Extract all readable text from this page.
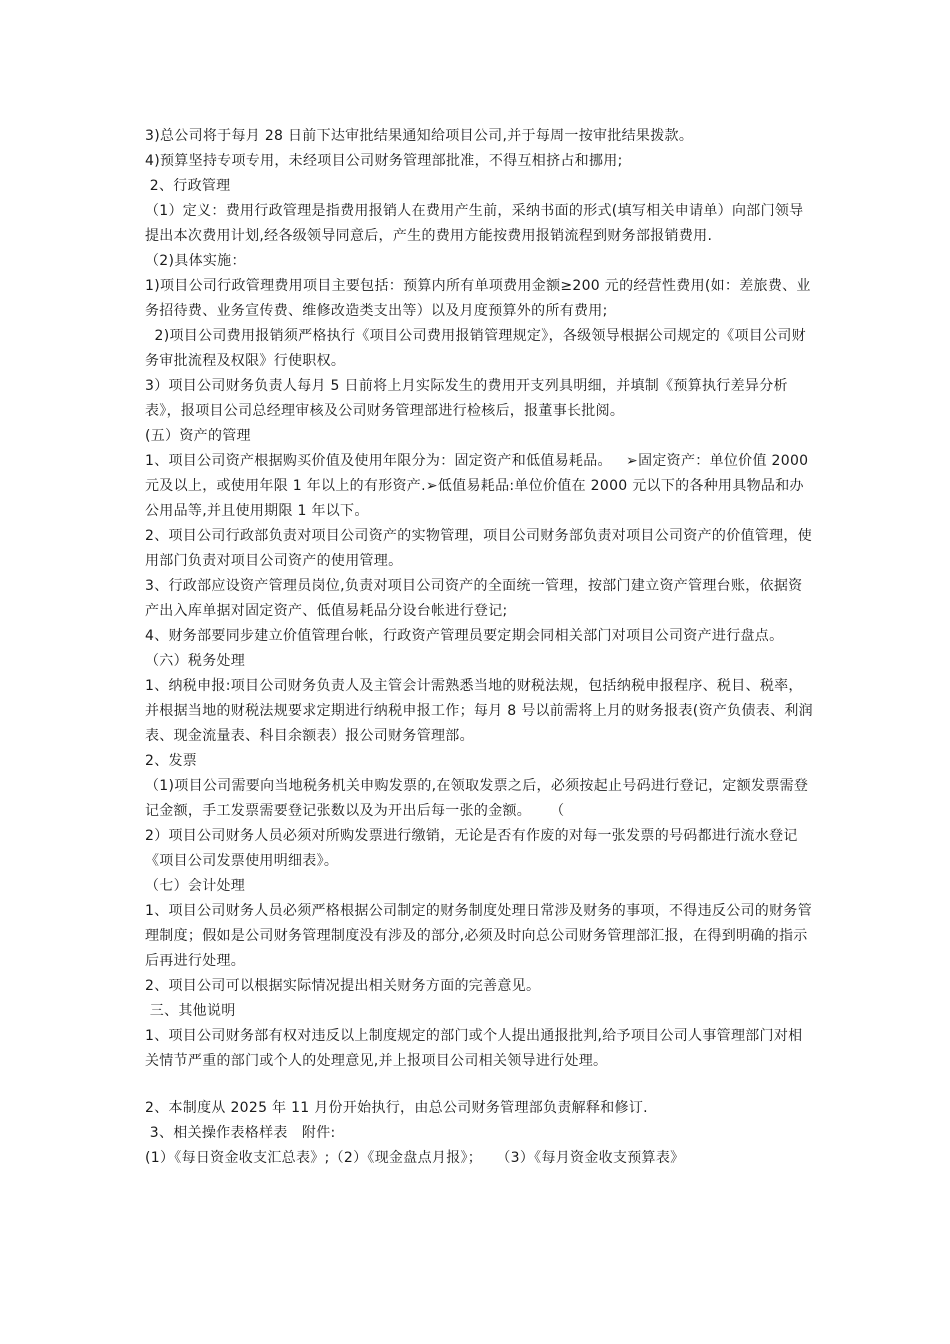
3)总公司将于每月 28 日前下达审批结果通知给项目公司,并于每周一按审批结果拨款。

4)预算坚持专项专用，未经项目公司财务管理部批准，不得互相挤占和挪用;

2、行政管理

（1）定义：费用行政管理是指费用报销人在费用产生前，采纳书面的形式(填写相关申请单）向部门领导提出本次费用计划,经各级领导同意后，产生的费用方能按费用报销流程到财务部报销费用.

（2)具体实施：

1)项目公司行政管理费用项目主要包括：预算内所有单项费用金额≥200 元的经营性费用(如：差旅费、业务招待费、业务宣传费、维修改造类支出等）以及月度预算外的所有费用;

2)项目公司费用报销须严格执行《项目公司费用报销管理规定》，各级领导根据公司规定的《项目公司财务审批流程及权限》行使职权。

3）项目公司财务负责人每月 5 日前将上月实际发生的费用开支列具明细，并填制《预算执行差异分析表》，报项目公司总经理审核及公司财务管理部进行检核后，报董事长批阅。

(五）资产的管理

1、项目公司资产根据购买价值及使用年限分为：固定资产和低值易耗品。   ➢固定资产：单位价值 2000 元及以上，或使用年限 1 年以上的有形资产.➢低值易耗品:单位价值在 2000 元以下的各种用具物品和办公用品等,并且使用期限 1 年以下。

2、项目公司行政部负责对项目公司资产的实物管理，项目公司财务部负责对项目公司资产的价值管理，使用部门负责对项目公司资产的使用管理。

3、行政部应设资产管理员岗位,负责对项目公司资产的全面统一管理，按部门建立资产管理台账，依据资产出入库单据对固定资产、低值易耗品分设台帐进行登记;

4、财务部要同步建立价值管理台帐，行政资产管理员要定期会同相关部门对项目公司资产进行盘点。

（六）税务处理

1、纳税申报:项目公司财务负责人及主管会计需熟悉当地的财税法规，包括纳税申报程序、税目、税率，并根据当地的财税法规要求定期进行纳税申报工作；每月 8 号以前需将上月的财务报表(资产负债表、利润表、现金流量表、科目余额表）报公司财务管理部。

2、发票

（1)项目公司需要向当地税务机关申购发票的,在领取发票之后，必须按起止号码进行登记，定额发票需登记金额，手工发票需要登记张数以及为开出后每一张的金额。    （

2）项目公司财务人员必须对所购发票进行缴销，无论是否有作废的对每一张发票的号码都进行流水登记《项目公司发票使用明细表》。

（七）会计处理

1、项目公司财务人员必须严格根据公司制定的财务制度处理日常涉及财务的事项，不得违反公司的财务管理制度；假如是公司财务管理制度没有涉及的部分,必须及时向总公司财务管理部汇报，在得到明确的指示后再进行处理。

2、项目公司可以根据实际情况提出相关财务方面的完善意见。

三、其他说明

1、项目公司财务部有权对违反以上制度规定的部门或个人提出通报批判,给予项目公司人事管理部门对相关情节严重的部门或个人的处理意见,并上报项目公司相关领导进行处理。

2、本制度从 2025 年 11 月份开始执行，由总公司财务管理部负责解释和修订.

3、相关操作表格样表   附件:

(1）《每日资金收支汇总表》;（2）《现金盘点月报》；   （3）《每月资金收支预算表》
